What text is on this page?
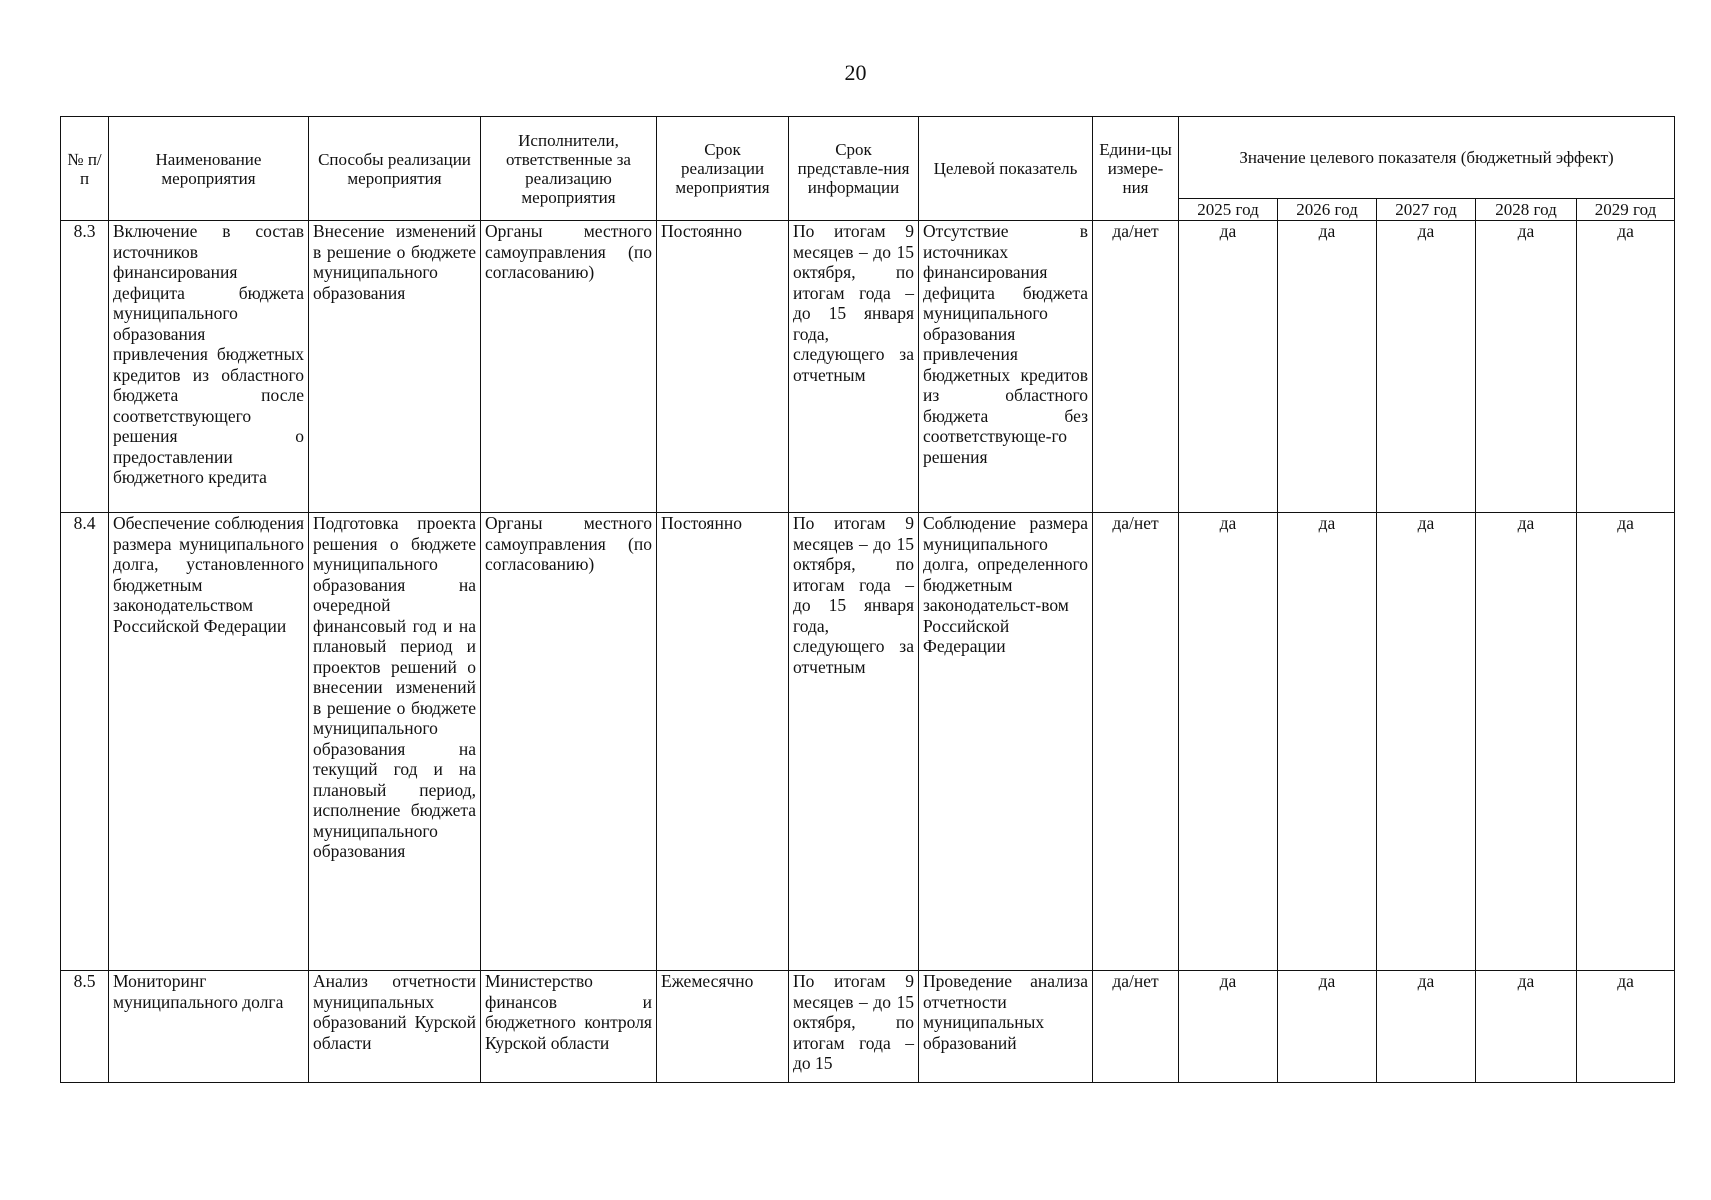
20
№ п/п	Наименование мероприятия	Способы реализации мероприятия	Исполнители, ответственные за реализацию мероприятия	Срок реализации мероприятия	Срок представле-ния информации	Целевой показатель	Едини-цы измере-ния	Значение целевого показателя (бюджетный эффект)				
								2025 год	2026 год	2027 год	2028 год	2029 год
8.3	Включение в состав источников финансирования дефицита бюджета муниципального образования привлечения бюджетных кредитов из областного бюджета после соответствующего решения о предоставлении бюджетного кредита	Внесение изменений в решение о бюджете муниципального образования	Органы местного самоуправления (по согласованию)	Постоянно	По итогам 9 месяцев – до 15 октября, по итогам года – до 15 января года, следующего за отчетным	Отсутствие в источниках финансирования дефицита бюджета муниципального образования привлечения бюджетных кредитов из областного бюджета без соответствующе-го решения	да/нет	да	да	да	да	да
8.4	Обеспечение соблюдения размера муниципального долга, установленного бюджетным законодательством Российской Федерации	Подготовка проекта решения о бюджете муниципального образования на очередной финансовый год и на плановый период и проектов решений о внесении изменений в решение о бюджете муниципального образования на текущий год и на плановый период, исполнение бюджета муниципального образования	Органы местного самоуправления (по согласованию)	Постоянно	По итогам 9 месяцев – до 15 октября, по итогам года – до 15 января года, следующего за отчетным	Соблюдение размера муниципального долга, определенного бюджетным законодательст-вом Российской Федерации	да/нет	да	да	да	да	да
8.5	Мониторинг муниципального долга	Анализ отчетности муниципальных образований Курской области	Министерство финансов и бюджетного контроля Курской области	Ежемесячно	По итогам 9 месяцев – до 15 октября, по итогам года – до 15	Проведение анализа отчетности муниципальных образований	да/нет	да	да	да	да	да
